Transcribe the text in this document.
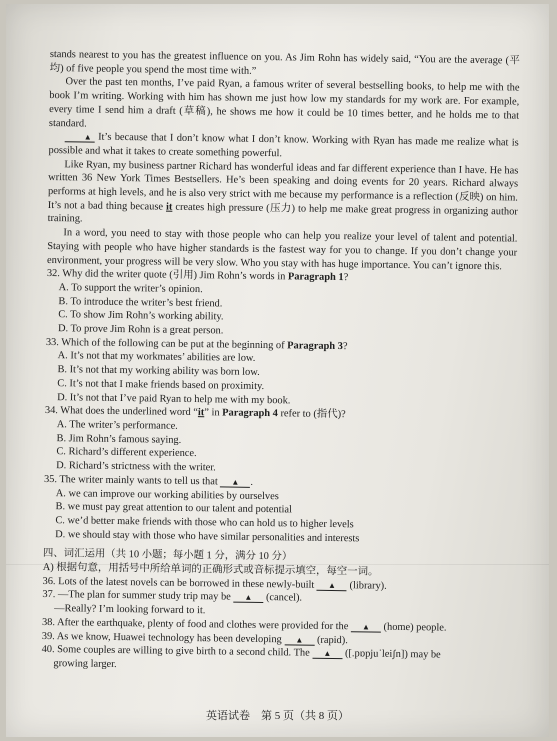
stands nearest to you has the greatest influence on you. As Jim Rohn has widely said, “You are the average (平均) of five people you spend the most time with.”

Over the past ten months, I’ve paid Ryan, a famous writer of several bestselling books, to help me with the book I’m writing. Working with him has shown me just how low my standards for my work are. For example, every time I send him a draft (草稿), he shows me how it could be 10 times better, and he holds me to that standard.

▲ It’s because that I don’t know what I don’t know. Working with Ryan has made me realize what is possible and what it takes to create something powerful.

Like Ryan, my business partner Richard has wonderful ideas and far different experience than I have. He has written 36 New York Times Bestsellers. He’s been speaking and doing events for 20 years. Richard always performs at high levels, and he is also very strict with me because my performance is a reflection (反映) on him. It’s not a bad thing because it creates high pressure (压力) to help me make great progress in organizing author training.

In a word, you need to stay with those people who can help you realize your level of talent and potential. Staying with people who have higher standards is the fastest way for you to change. If you don’t change your environment, your progress will be very slow. Who you stay with has huge importance. You can’t ignore this.

32. Why did the writer quote (引用) Jim Rohn’s words in Paragraph 1?

A. To support the writer’s opinion.

B. To introduce the writer’s best friend.

C. To show Jim Rohn’s working ability.

D. To prove Jim Rohn is a great person.

33. Which of the following can be put at the beginning of Paragraph 3?

A. It’s not that my workmates’ abilities are low.

B. It’s not that my working ability was born low.

C. It’s not that I make friends based on proximity.

D. It’s not that I’ve paid Ryan to help me with my book.

34. What does the underlined word “it” in Paragraph 4 refer to (指代)?

A. The writer’s performance.

B. Jim Rohn’s famous saying.

C. Richard’s different experience.

D. Richard’s strictness with the writer.

35. The writer mainly wants to tell us that ▲ .

A. we can improve our working abilities by ourselves

B. we must pay great attention to our talent and potential

C. we’d better make friends with those who can hold us to higher levels

D. we should stay with those who have similar personalities and interests

四、词汇运用（共 10 小题；每小题 1 分，满分 10 分）

A) 根据句意，用括号中所给单词的正确形式或音标提示填空，每空一词。

36. Lots of the latest novels can be borrowed in these newly-built ▲ (library).

37. —The plan for summer study trip may be ▲ (cancel).

—Really? I’m looking forward to it.

38. After the earthquake, plenty of food and clothes were provided for the ▲ (home) people.

39. As we know, Huawei technology has been developing ▲ (rapid).

40. Some couples are willing to give birth to a second child. The ▲ ([.pɒpjuˈleiʃn]) may be

growing larger.

英语试卷　第 5 页（共 8 页）
